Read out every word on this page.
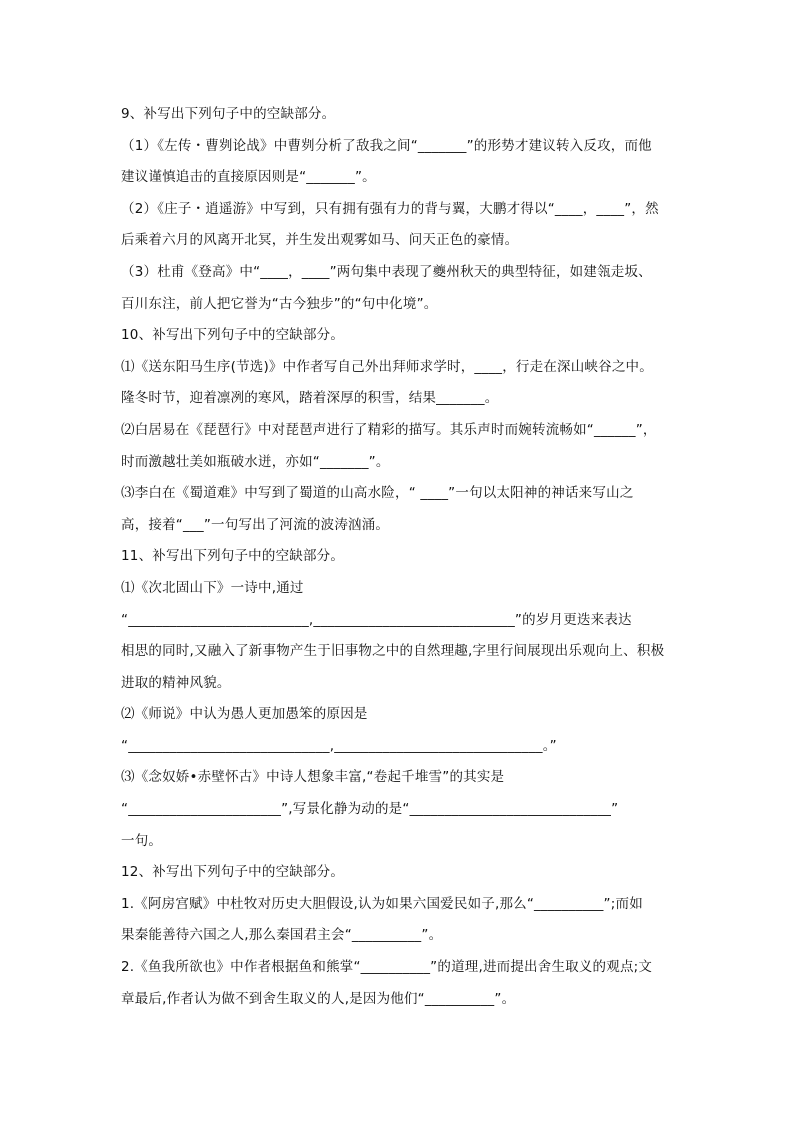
9、补写出下列句子中的空缺部分。
（1）《左传・曹刿论战》中曹刿分析了敌我之间“_______”的形势才建议转入反攻，而他
建议谨慎追击的直接原因则是“_______”。
（2）《庄子・逍遥游》中写到，只有拥有强有力的背与翼，大鹏才得以“____，____”，然
后乘着六月的风离开北冥，并生发出观雾如马、问天正色的豪情。
（3）杜甫《登高》中“____，____”两句集中表现了夔州秋天的典型特征，如建瓴走坂、
百川东注，前人把它誉为“古今独步”的“句中化境”。
10、补写出下列句子中的空缺部分。
⑴《送东阳马生序(节选)》中作者写自己外出拜师求学时，____，行走在深山峡谷之中。
隆冬时节，迎着凛冽的寒风，踏着深厚的积雪，结果_______。
⑵白居易在《琵琶行》中对琵琶声进行了精彩的描写。其乐声时而婉转流畅如“______”，
时而激越壮美如瓶破水迸，亦如“_______”。
⑶李白在《蜀道难》中写到了蜀道的山高水险，“ ____”一句以太阳神的神话来写山之
高，接着“___”一句写出了河流的波涛汹涌。
11、补写出下列句子中的空缺部分。
⑴《次北固山下》一诗中,通过
“__________________________,_____________________________”的岁月更迭来表达
相思的同时,又融入了新事物产生于旧事物之中的自然理趣,字里行间展现出乐观向上、积极
进取的精神风貌。
⑵《师说》中认为愚人更加愚笨的原因是
“_____________________________,______________________________。”
⑶《念奴娇•赤壁怀古》中诗人想象丰富,“卷起千堆雪”的其实是
“______________________”,写景化静为动的是“_____________________________”
一句。
12、补写出下列句子中的空缺部分。
1.《阿房宫赋》中杜牧对历史大胆假设,认为如果六国爱民如子,那么“__________”;而如
果秦能善待六国之人,那么秦国君主会“__________”。
2.《鱼我所欲也》中作者根据鱼和熊掌“__________”的道理,进而提出舍生取义的观点;文
章最后,作者认为做不到舍生取义的人,是因为他们“__________”。
